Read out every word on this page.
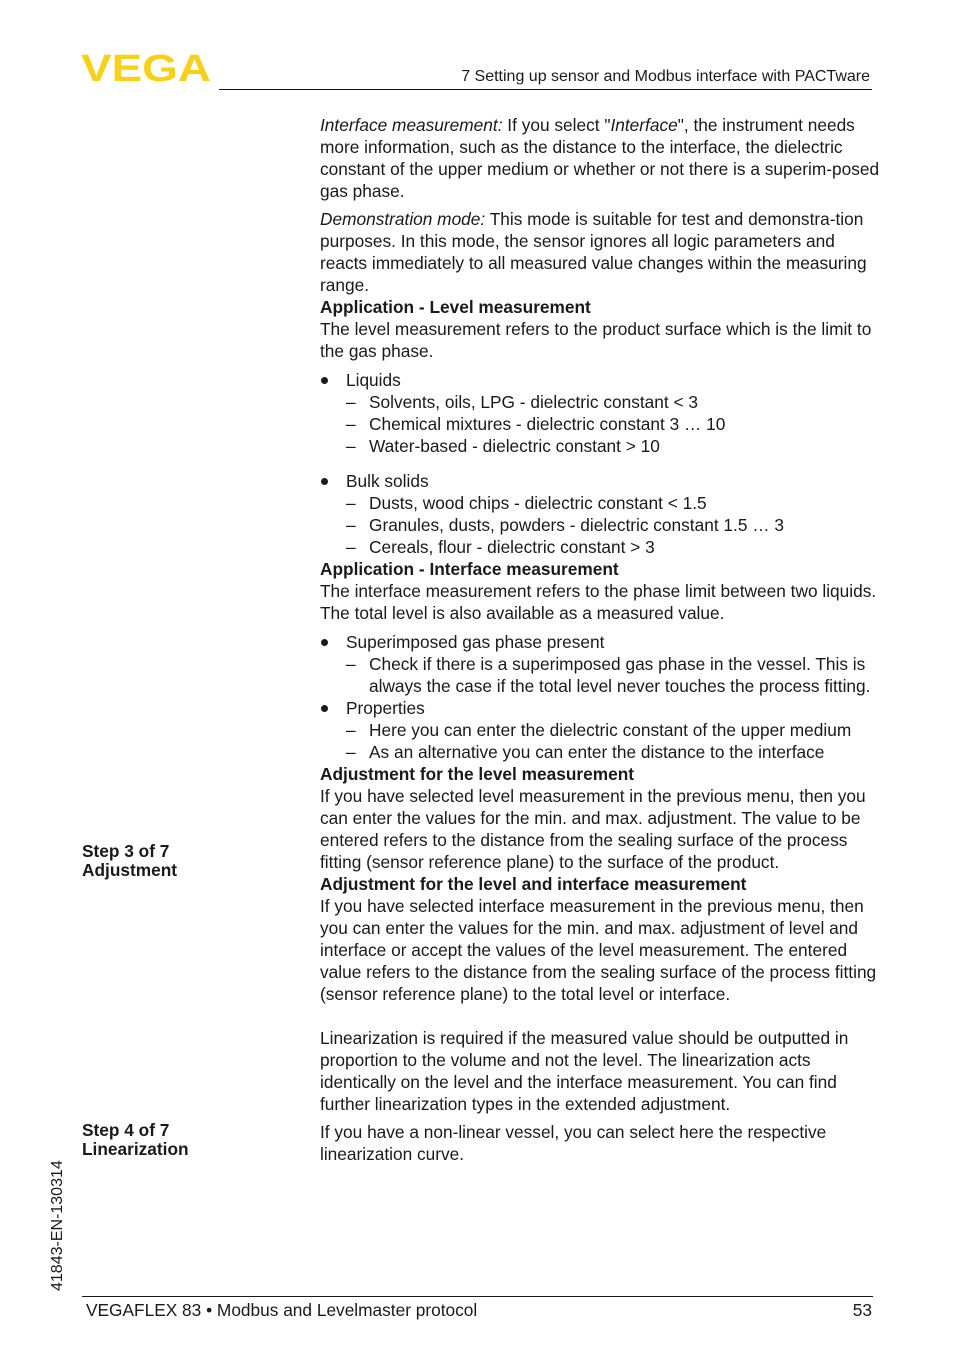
VEGA	7 Setting up sensor and Modbus interface with PACTware
Step 3 of 7
Adjustment
Step 4 of 7
Linearization

Interface measurement: If you select "Interface", the instrument needs more information, such as the distance to the interface, the dielectric constant of the upper medium or whether or not there is a superim-posed gas phase.

Demonstration mode: This mode is suitable for test and demonstra-tion purposes. In this mode, the sensor ignores all logic parameters and reacts immediately to all measured value changes within the measuring range.

Application - Level measurement

The level measurement refers to the product surface which is the limit to the gas phase.

Liquids
– Solvents, oils, LPG - dielectric constant < 3
– Chemical mixtures - dielectric constant 3 … 10
– Water-based - dielectric constant > 10
Bulk solids
– Dusts, wood chips - dielectric constant < 1.5
– Granules, dusts, powders - dielectric constant 1.5 … 3
– Cereals, flour - dielectric constant > 3

Application - Interface measurement

The interface measurement refers to the phase limit between two liquids. The total level is also available as a measured value.

Superimposed gas phase present
– Check if there is a superimposed gas phase in the vessel. This is always the case if the total level never touches the process fitting.
Properties
– Here you can enter the dielectric constant of the upper medium
– As an alternative you can enter the distance to the interface

Adjustment for the level measurement

If you have selected level measurement in the previous menu, then you can enter the values for the min. and max. adjustment. The value to be entered refers to the distance from the sealing surface of the process fitting (sensor reference plane) to the surface of the product.

Adjustment for the level and interface measurement

If you have selected interface measurement in the previous menu, then you can enter the values for the min. and max. adjustment of level and interface or accept the values of the level measurement. The entered value refers to the distance from the sealing surface of the process fitting (sensor reference plane) to the total level or interface.

Linearization is required if the measured value should be outputted in proportion to the volume and not the level. The linearization acts identically on the level and the interface measurement. You can find further linearization types in the extended adjustment.

If you have a non-linear vessel, you can select here the respective linearization curve.

41843-EN-130314
VEGAFLEX 83 • Modbus and Levelmaster protocol	53
